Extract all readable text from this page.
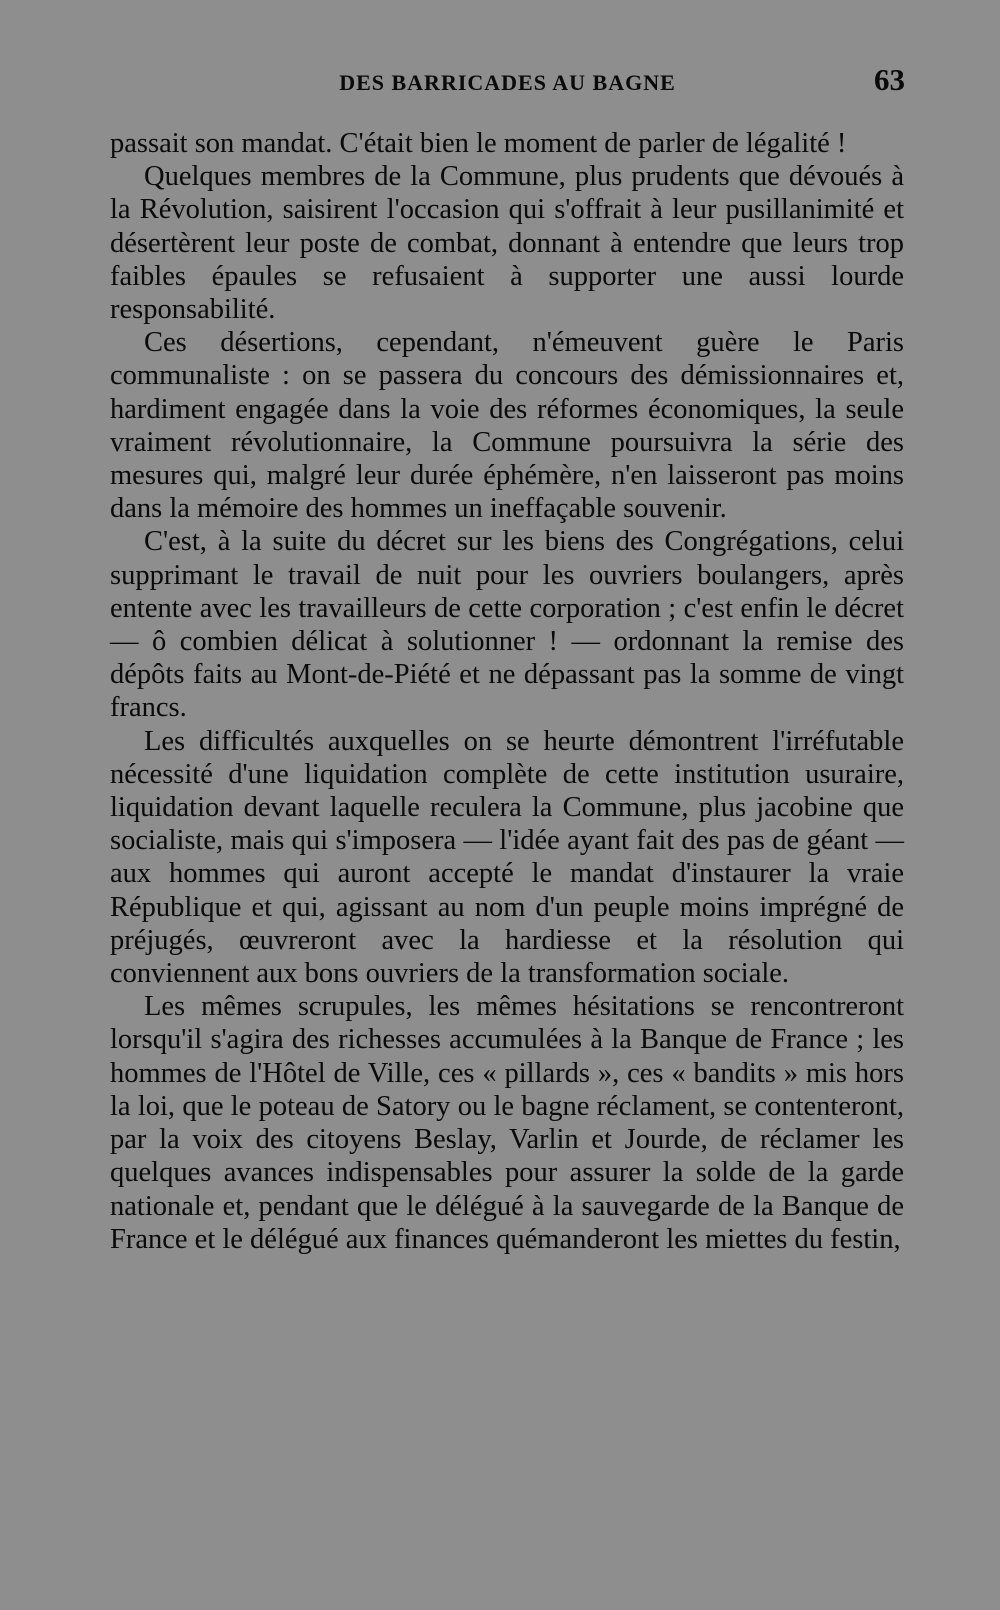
DES BARRICADES AU BAGNE	63

passait son mandat. C'était bien le moment de parler de légalité !

Quelques membres de la Commune, plus prudents que dévoués à la Révolution, saisirent l'occasion qui s'offrait à leur pusillanimité et désertèrent leur poste de combat, donnant à entendre que leurs trop faibles épaules se refusaient à supporter une aussi lourde responsabilité.

Ces désertions, cependant, n'émeuvent guère le Paris communaliste : on se passera du concours des démissionnaires et, hardiment engagée dans la voie des réformes économiques, la seule vraiment révolutionnaire, la Commune poursuivra la série des mesures qui, malgré leur durée éphémère, n'en laisseront pas moins dans la mémoire des hommes un ineffaçable souvenir.

C'est, à la suite du décret sur les biens des Congrégations, celui supprimant le travail de nuit pour les ouvriers boulangers, après entente avec les travailleurs de cette corporation ; c'est enfin le décret — ô combien délicat à solutionner ! — ordonnant la remise des dépôts faits au Mont-de-Piété et ne dépassant pas la somme de vingt francs.

Les difficultés auxquelles on se heurte démontrent l'irréfutable nécessité d'une liquidation complète de cette institution usuraire, liquidation devant laquelle reculera la Commune, plus jacobine que socialiste, mais qui s'imposera — l'idée ayant fait des pas de géant — aux hommes qui auront accepté le mandat d'instaurer la vraie République et qui, agissant au nom d'un peuple moins imprégné de préjugés, œuvreront avec la hardiesse et la résolution qui conviennent aux bons ouvriers de la transformation sociale.

Les mêmes scrupules, les mêmes hésitations se rencontreront lorsqu'il s'agira des richesses accumulées à la Banque de France ; les hommes de l'Hôtel de Ville, ces « pillards », ces « bandits » mis hors la loi, que le poteau de Satory ou le bagne réclament, se contenteront, par la voix des citoyens Beslay, Varlin et Jourde, de réclamer les quelques avances indispensables pour assurer la solde de la garde nationale et, pendant que le délégué à la sauvegarde de la Banque de France et le délégué aux finances quémanderont les miettes du festin,
